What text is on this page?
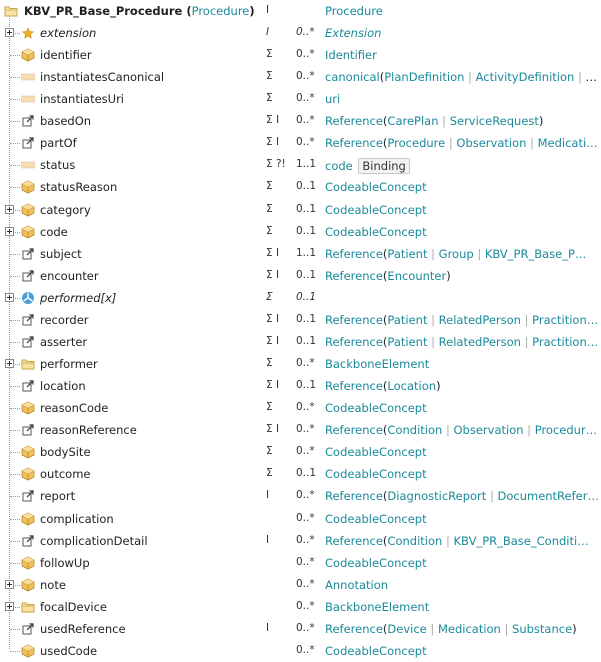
KBV_PR_Base_Procedure (Procedure) I	Procedure
extension	I	0..* Extension
identifier	Σ 0..* Identifier
instantiatesCanonical	Σ 0..* canonical(PlanDefinition | ActivityDefinition | …
instantiatesUri	Σ 0..* uri
basedOn	Σ I 0..* Reference(CarePlan | ServiceRequest)
partOf	Σ I 0..* Reference(Procedure | Observation | Medicati…
status	Σ ?! 1..1 code Binding
statusReason	Σ 0..1 CodeableConcept
category	Σ 0..1 CodeableConcept
code	Σ 0..1 CodeableConcept
subject	Σ I 1..1 Reference(Patient | Group | KBV_PR_Base_P…
encounter	Σ I 0..1 Reference(Encounter)
performed[x]	Σ 0..1
recorder	Σ I 0..1 Reference(Patient | RelatedPerson | Practition…
asserter	Σ I 0..1 Reference(Patient | RelatedPerson | Practition…
performer	Σ 0..* BackboneElement
location	Σ I 0..1 Reference(Location)
reasonCode	Σ 0..* CodeableConcept
reasonReference	Σ I 0..* Reference(Condition | Observation | Procedur…
bodySite	Σ 0..* CodeableConcept
outcome	Σ 0..1 CodeableConcept
report	I	0..* Reference(DiagnosticReport | DocumentRefer…
complication	0..* CodeableConcept
complicationDetail	I	0..* Reference(Condition | KBV_PR_Base_Conditi…
followUp	0..* CodeableConcept
note	0..* Annotation
focalDevice	0..* BackboneElement
usedReference	I	0..* Reference(Device | Medication | Substance)
usedCode	0..* CodeableConcept
